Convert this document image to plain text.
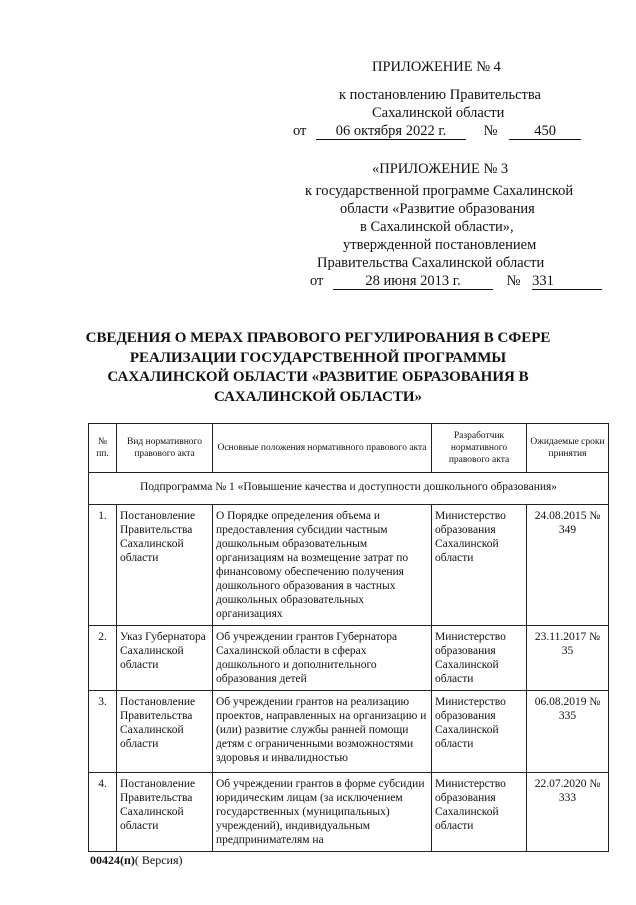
ПРИЛОЖЕНИЕ № 4
к постановлению Правительства
Сахалинской области
от 06 октября 2022 г.	№	450
«ПРИЛОЖЕНИЕ № 3
к государственной программе Сахалинской
области «Развитие образования
в Сахалинской области»,
утвержденной постановлением
Правительства Сахалинской области
от	28 июня 2013 г.	№ 331
СВЕДЕНИЯ О МЕРАХ ПРАВОВОГО РЕГУЛИРОВАНИЯ В СФЕРЕ
РЕАЛИЗАЦИИ ГОСУДАРСТВЕННОЙ ПРОГРАММЫ
САХАЛИНСКОЙ ОБЛАСТИ «РАЗВИТИЕ ОБРАЗОВАНИЯ В
САХАЛИНСКОЙ ОБЛАСТИ»
№ пп.	Вид нормативного правового акта	Основные положения нормативного правового акта	Разработчик нормативного правового акта	Ожидаемые сроки принятия
Подпрограмма № 1 «Повышение качества и доступности дошкольного образования»				
1.	Постановление Правительства Сахалинской области	О Порядке определения объема и предоставления субсидии частным дошкольным образовательным организациям на возмещение затрат по финансовому обеспечению получения дошкольного образования в частных дошкольных образовательных организациях	Министерство образования Сахалинской области	24.08.2015 № 349
2.	Указ Губернатора Сахалинской области	Об учреждении грантов Губернатора Сахалинской области в сферах дошкольного и дополнительного образования детей	Министерство образования Сахалинской области	23.11.2017 № 35
3.	Постановление Правительства Сахалинской области	Об учреждении грантов на реализацию проектов, направленных на организацию и (или) развитие службы ранней помощи детям с ограниченными возможностями здоровья и инвалидностью	Министерство образования Сахалинской области	06.08.2019 № 335
4.	Постановление Правительства Сахалинской области	Об учреждении грантов в форме субсидии юридическим лицам (за исключением государственных (муниципальных) учреждений), индивидуальным предпринимателям на	Министерство образования Сахалинской области	22.07.2020 № 333
00424(п)( Версия)
